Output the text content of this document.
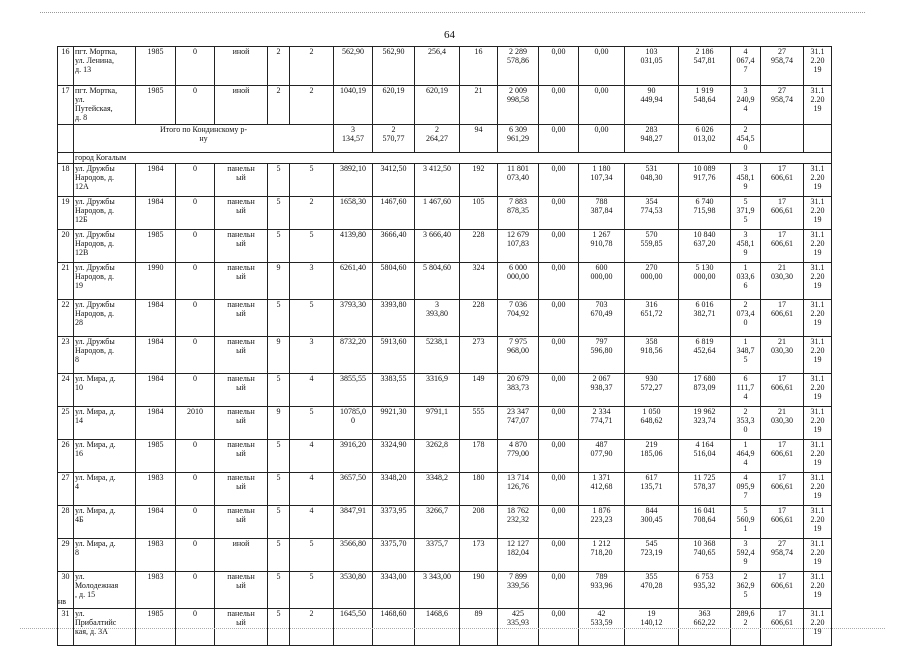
64
16	пгт. Мортка,
ул. Ленина,
д. 13	1985	0	иной	2	2	562,90	562,90	256,4	16	2 289
578,86	0,00	0,00	103
031,05	2 186
547,81	4
067,4
7	27
958,74	31.1
2.20
19
17	пгт. Мортка,
ул.
Путейская,
д. 8	1985	0	иной	2	2	1040,19	620,19	620,19	21	2 009
998,58	0,00	0,00	90
449,94	1 919
548,64	3
240,9
4	27
958,74	31.1
2.20
19
	Итого по Кондинскому р-
ну						3
134,57	2
570,77	2
264,27	94	6 309
961,29	0,00	0,00	283
948,27	6 026
013,02	2
454,5
0		
	город Когалым																	
18	ул. Дружбы
Народов, д.
12А	1984	0	панельн
ый	5	5	3892,10	3412,50	3 412,50	192	11 801
073,40	0,00	1 180
107,34	531
048,30	10 089
917,76	3
458,1
9	17
606,61	31.1
2.20
19
19	ул. Дружбы
Народов, д.
12Б	1984	0	панельн
ый	5	2	1658,30	1467,60	1 467,60	105	7 883
878,35	0,00	788
387,84	354
774,53	6 740
715,98	5
371,9
5	17
606,61	31.1
2.20
19
20	ул. Дружбы
Народов, д.
12В	1985	0	панельн
ый	5	5	4139,80	3666,40	3 666,40	228	12 679
107,83	0,00	1 267
910,78	570
559,85	10 840
637,20	3
458,1
9	17
606,61	31.1
2.20
19
21	ул. Дружбы
Народов, д.
19	1990	0	панельн
ый	9	3	6261,40	5804,60	5 804,60	324	6 000
000,00	0,00	600
000,00	270
000,00	5 130
000,00	1
033,6
6	21
030,30	31.1
2.20
19
22	ул. Дружбы
Народов, д.
28	1984	0	панельн
ый	5	5	3793,30	3393,80	3
393,80	228	7 036
704,92	0,00	703
670,49	316
651,72	6 016
382,71	2
073,4
0	17
606,61	31.1
2.20
19
23	ул. Дружбы
Народов, д.
8	1984	0	панельн
ый	9	3	8732,20	5913,60	5238,1	273	7 975
968,00	0,00	797
596,80	358
918,56	6 819
452,64	1
348,7
5	21
030,30	31.1
2.20
19
24	ул. Мира, д.
10	1984	0	панельн
ый	5	4	3855,55	3383,55	3316,9	149	20 679
383,73	0,00	2 067
938,37	930
572,27	17 680
873,09	6
111,7
4	17
606,61	31.1
2.20
19
25	ул. Мира, д.
14	1984	2010	панельн
ый	9	5	10785,0
0	9921,30	9791,1	555	23 347
747,07	0,00	2 334
774,71	1 050
648,62	19 962
323,74	2
353,3
0	21
030,30	31.1
2.20
19
26	ул. Мира, д.
16	1985	0	панельн
ый	5	4	3916,20	3324,90	3262,8	178	4 870
779,00	0,00	487
077,90	219
185,06	4 164
516,04	1
464,9
4	17
606,61	31.1
2.20
19
27	ул. Мира, д.
4	1983	0	панельн
ый	5	4	3657,50	3348,20	3348,2	180	13 714
126,76	0,00	1 371
412,68	617
135,71	11 725
578,37	4
095,9
7	17
606,61	31.1
2.20
19
28	ул. Мира, д.
4Б	1984	0	панельн
ый	5	4	3847,91	3373,95	3266,7	208	18 762
232,32	0,00	1 876
223,23	844
300,45	16 041
708,64	5
560,9
1	17
606,61	31.1
2.20
19
29	ул. Мира, д.
8	1983	0	иной	5	5	3566,80	3375,70	3375,7	173	12 127
182,04	0,00	1 212
718,20	545
723,19	10 368
740,65	3
592,4
9	27
958,74	31.1
2.20
19
30	ул.
Молодежная
, д. 15	1983	0	панельн
ый	5	5	3530,80	3343,00	3 343,00	190	7 899
339,56	0,00	789
933,96	355
470,28	6 753
935,32	2
362,9
5	17
606,61	31.1
2.20
19
31	ул.
Прибалтийс
кая, д. 3А	1985	0	панельн
ый	5	2	1645,50	1468,60	1468,6	89	425
335,93	0,00	42
533,59	19
140,12	363
662,22	289,6
2	17
606,61	31.1
2.20
19
нв
